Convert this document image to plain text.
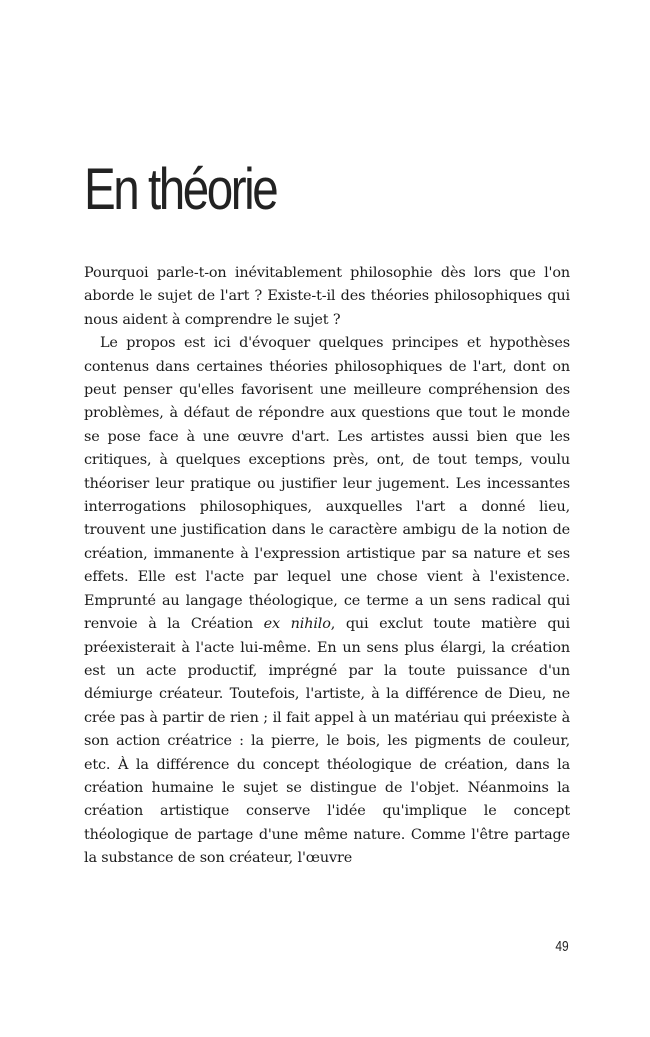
En théorie

Pourquoi parle-t-on inévitablement philosophie dès lors que l'on aborde le sujet de l'art ? Existe-t-il des théories philosophiques qui nous aident à comprendre le sujet ?

Le propos est ici d'évoquer quelques principes et hypothèses contenus dans certaines théories philosophiques de l'art, dont on peut penser qu'elles favorisent une meilleure compréhension des problèmes, à défaut de répondre aux questions que tout le monde se pose face à une œuvre d'art. Les artistes aussi bien que les critiques, à quelques exceptions près, ont, de tout temps, voulu théoriser leur pratique ou justifier leur jugement. Les incessantes interrogations philosophiques, auxquelles l'art a donné lieu, trouvent une justification dans le caractère ambigu de la notion de création, immanente à l'expression artistique par sa nature et ses effets. Elle est l'acte par lequel une chose vient à l'existence. Emprunté au langage théologique, ce terme a un sens radical qui renvoie à la Création ex nihilo, qui exclut toute matière qui préexisterait à l'acte lui-même. En un sens plus élargi, la création est un acte productif, imprégné par la toute puissance d'un démiurge créateur. Toutefois, l'artiste, à la différence de Dieu, ne crée pas à partir de rien ; il fait appel à un matériau qui préexiste à son action créatrice : la pierre, le bois, les pigments de couleur, etc. À la différence du concept théologique de création, dans la création humaine le sujet se distingue de l'objet. Néanmoins la création artistique conserve l'idée qu'implique le concept théologique de partage d'une même nature. Comme l'être partage la substance de son créateur, l'œuvre

49
